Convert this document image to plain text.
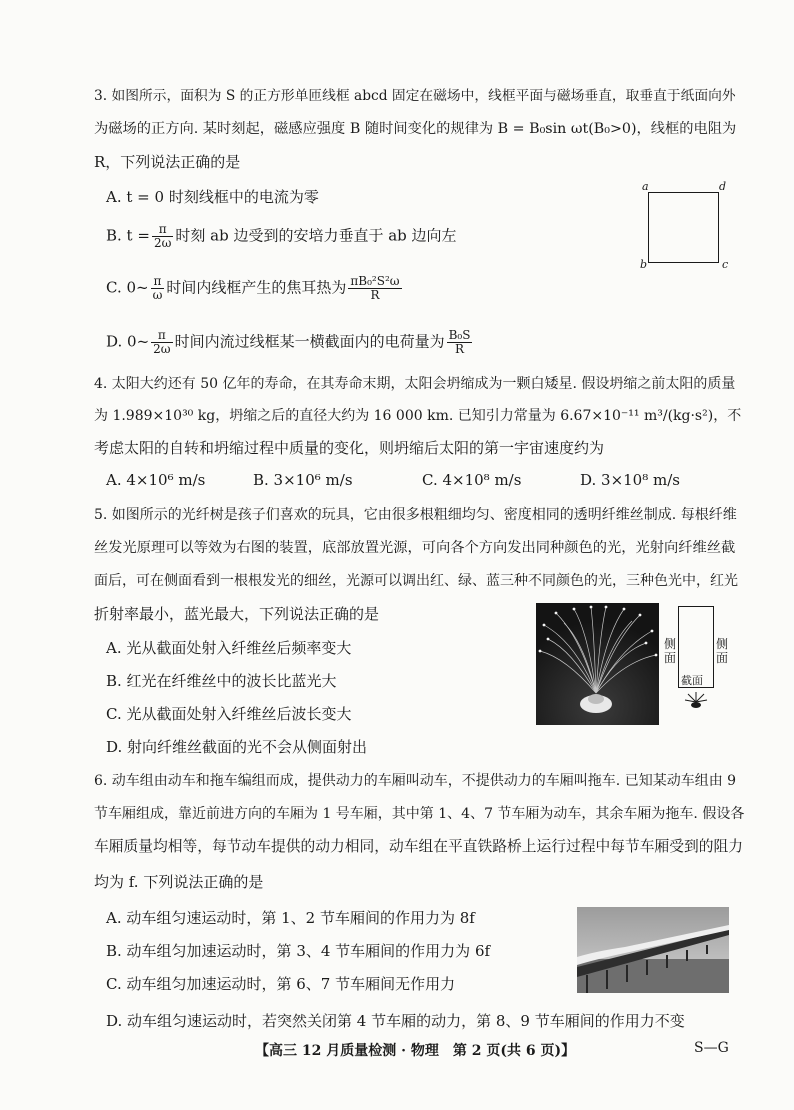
3. 如图所示，面积为 S 的正方形单匝线框 abcd 固定在磁场中，线框平面与磁场垂直，取垂直于纸面向外
为磁场的正方向. 某时刻起，磁感应强度 B 随时间变化的规律为 B = B₀sin ωt(B₀>0)，线框的电阻为
R，下列说法正确的是
A. t = 0 时刻线框中的电流为零
B. $t = \frac{\pi}{2\omega}$ 时刻 ab 边受到的安培力垂直于 ab 边向左
C. 0~ $\frac{\pi}{\omega}$ 时间内线框产生的焦耳热为 $\frac{\text{πB₀²S²ω}}{R}$
D. 0~ $\frac{\pi}{2\omega}$ 时间内流过线框某一横截面内的电荷量为 $\frac{\text{B₀S}}{R}$
a	d
b	c
4. 太阳大约还有 50 亿年的寿命，在其寿命末期，太阳会坍缩成为一颗白矮星. 假设坍缩之前太阳的质量
为 1.989×10³⁰ kg，坍缩之后的直径大约为 16 000 km. 已知引力常量为 6.67×10⁻¹¹ m³/(kg·s²)，不
考虑太阳的自转和坍缩过程中质量的变化，则坍缩后太阳的第一宇宙速度约为
A. 4×10⁶ m/s	B. 3×10⁶ m/s	C. 4×10⁸ m/s	D. 3×10⁸ m/s
5. 如图所示的光纤树是孩子们喜欢的玩具，它由很多根粗细均匀、密度相同的透明纤维丝制成. 每根纤维
丝发光原理可以等效为右图的装置，底部放置光源，可向各个方向发出同种颜色的光，光射向纤维丝截
面后，可在侧面看到一根根发光的细丝，光源可以调出红、绿、蓝三种不同颜色的光，三种色光中，红光
折射率最小，蓝光最大，下列说法正确的是
A. 光从截面处射入纤维丝后频率变大
B. 红光在纤维丝中的波长比蓝光大
C. 光从截面处射入纤维丝后波长变大
D. 射向纤维丝截面的光不会从侧面射出
侧面
侧面
截面
6. 动车组由动车和拖车编组而成，提供动力的车厢叫动车，不提供动力的车厢叫拖车. 已知某动车组由 9
节车厢组成，靠近前进方向的车厢为 1 号车厢，其中第 1、4、7 节车厢为动车，其余车厢为拖车. 假设各
车厢质量均相等，每节动车提供的动力相同，动车组在平直铁路桥上运行过程中每节车厢受到的阻力
均为 f. 下列说法正确的是
A. 动车组匀速运动时，第 1、2 节车厢间的作用力为 8f
B. 动车组匀加速运动时，第 3、4 节车厢间的作用力为 6f
C. 动车组匀加速运动时，第 6、7 节车厢间无作用力
D. 动车组匀速运动时，若突然关闭第 4 节车厢的动力，第 8、9 节车厢间的作用力不变
【高三 12 月质量检测 · 物理　第 2 页(共 6 页)】	S—G
